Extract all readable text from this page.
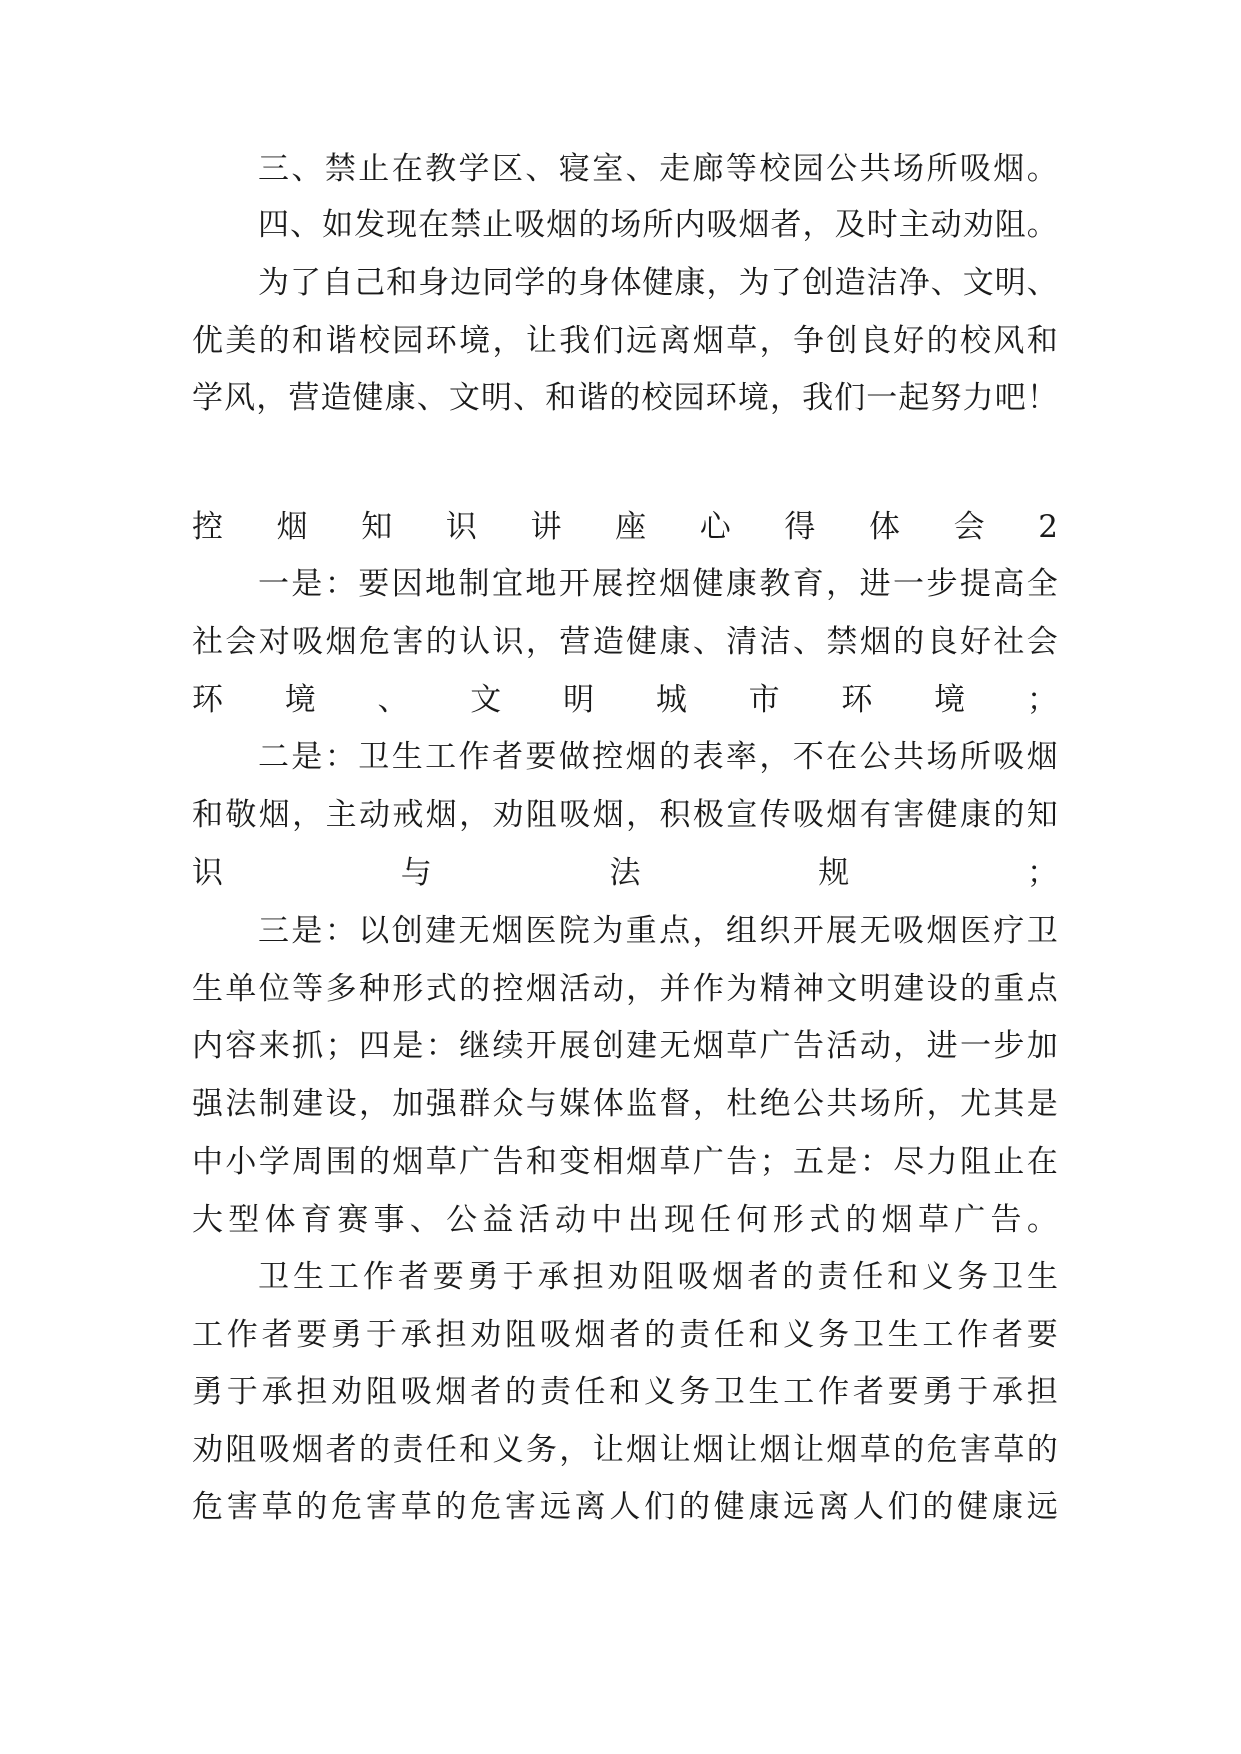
三 、 禁 止 在 教 学 区 、 寝 室 、 走 廊 等 校 园 公 共 场 所 吸 烟 。

四 、 如 发 现 在 禁 止 吸 烟 的 场 所 内 吸 烟 者 ， 及 时 主 动 劝 阻 。

为 了 自 己 和 身 边 同 学 的 身 体 健 康 ， 为 了 创 造 洁 净 、 文 明 、

优 美 的 和 谐 校 园 环 境 ， 让 我 们 远 离 烟 草 ， 争 创 良 好 的 校 风 和

学 风 ， 营 造 健 康 、 文 明 、 和 谐 的 校 园 环 境 ， 我 们 一 起 努 力 吧 ！

控 烟 知 识 讲 座 心 得 体 会 2

一 是 ： 要 因 地 制 宜 地 开 展 控 烟 健 康 教 育 ， 进 一 步 提 高 全

社 会 对 吸 烟 危 害 的 认 识 ， 营 造 健 康 、 清 洁 、 禁 烟 的 良 好 社 会

环 境 、 文 明 城 市 环 境 ；

二 是 ： 卫 生 工 作 者 要 做 控 烟 的 表 率 ， 不 在 公 共 场 所 吸 烟

和 敬 烟 ， 主 动 戒 烟 ， 劝 阻 吸 烟 ， 积 极 宣 传 吸 烟 有 害 健 康 的 知

识	与	法	规	；

三 是 ： 以 创 建 无 烟 医 院 为 重 点 ， 组 织 开 展 无 吸 烟 医 疗 卫

生 单 位 等 多 种 形 式 的 控 烟 活 动 ， 并 作 为 精 神 文 明 建 设 的 重 点

内 容 来 抓 ； 四 是 ： 继 续 开 展 创 建 无 烟 草 广 告 活 动 ， 进 一 步 加

强 法 制 建 设 ， 加 强 群 众 与 媒 体 监 督 ， 杜 绝 公 共 场 所 ， 尤 其 是

中 小 学 周 围 的 烟 草 广 告 和 变 相 烟 草 广 告 ； 五 是 ： 尽 力 阻 止 在

大 型 体 育 赛 事 、 公 益 活 动 中 出 现 任 何 形 式 的 烟 草 广 告 。

卫 生 工 作 者 要 勇 于 承 担 劝 阻 吸 烟 者 的 责 任 和 义 务 卫 生

工 作 者 要 勇 于 承 担 劝 阻 吸 烟 者 的 责 任 和 义 务 卫 生 工 作 者 要

勇 于 承 担 劝 阻 吸 烟 者 的 责 任 和 义 务 卫 生 工 作 者 要 勇 于 承 担

劝 阻 吸 烟 者 的 责 任 和 义 务 ， 让 烟 让 烟 让 烟 让 烟 草 的 危 害 草 的

危 害 草 的 危 害 草 的 危 害 远 离 人 们 的 健 康 远 离 人 们 的 健 康 远
